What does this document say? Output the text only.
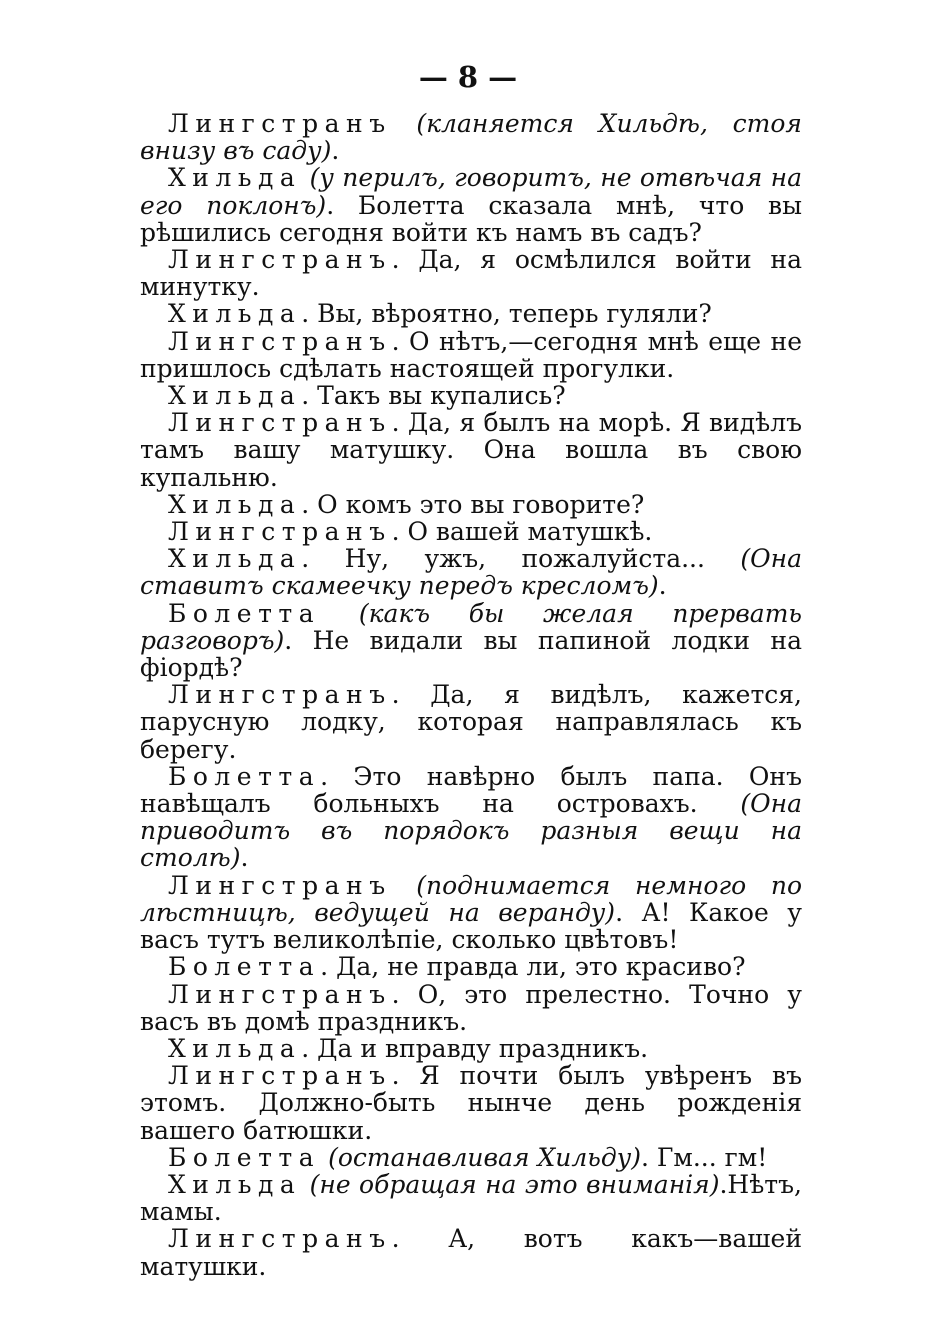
— 8 —

Лингстранъ (кланяется Хильдѣ, стоя внизу въ саду).

Хильда (у перилъ, говоритъ, не отвѣчая на его поклонъ). Болетта сказала мнѣ, что вы рѣшились сегодня войти къ намъ въ садъ?

Лингстранъ. Да, я осмѣлился войти на минутку.

Хильда. Вы, вѣроятно, теперь гуляли?

Лингстранъ. О нѣтъ,—сегодня мнѣ еще не пришлось сдѣлать настоящей прогулки.

Хильда. Такъ вы купались?

Лингстранъ. Да, я былъ на морѣ. Я видѣлъ тамъ вашу матушку. Она вошла въ свою купальню.

Хильда. О комъ это вы говорите?

Лингстранъ. О вашей матушкѣ.

Хильда. Ну, ужъ, пожалуйста... (Она ставитъ скамеечку передъ кресломъ).

Болетта (какъ бы желая прервать разговоръ). Не видали вы папиной лодки на фіордѣ?

Лингстранъ. Да, я видѣлъ, кажется, парусную лодку, которая направлялась къ берегу.

Болетта. Это навѣрно былъ папа. Онъ навѣщалъ больныхъ на островахъ. (Она приводитъ въ порядокъ разныя вещи на столѣ).

Лингстранъ (поднимается немного по лѣстницѣ, ведущей на веранду). А! Какое у васъ тутъ великолѣпіе, сколько цвѣтовъ!

Болетта. Да, не правда ли, это красиво?

Лингстранъ. О, это прелестно. Точно у васъ въ домѣ праздникъ.

Хильда. Да и вправду праздникъ.

Лингстранъ. Я почти былъ увѣренъ въ этомъ. Должно-быть нынче день рожденія вашего батюшки.

Болетта (останавливая Хильду). Гм... гм!

Хильда (не обращая на это вниманія).Нѣтъ, мамы.

Лингстранъ. А, вотъ какъ—вашей матушки.
